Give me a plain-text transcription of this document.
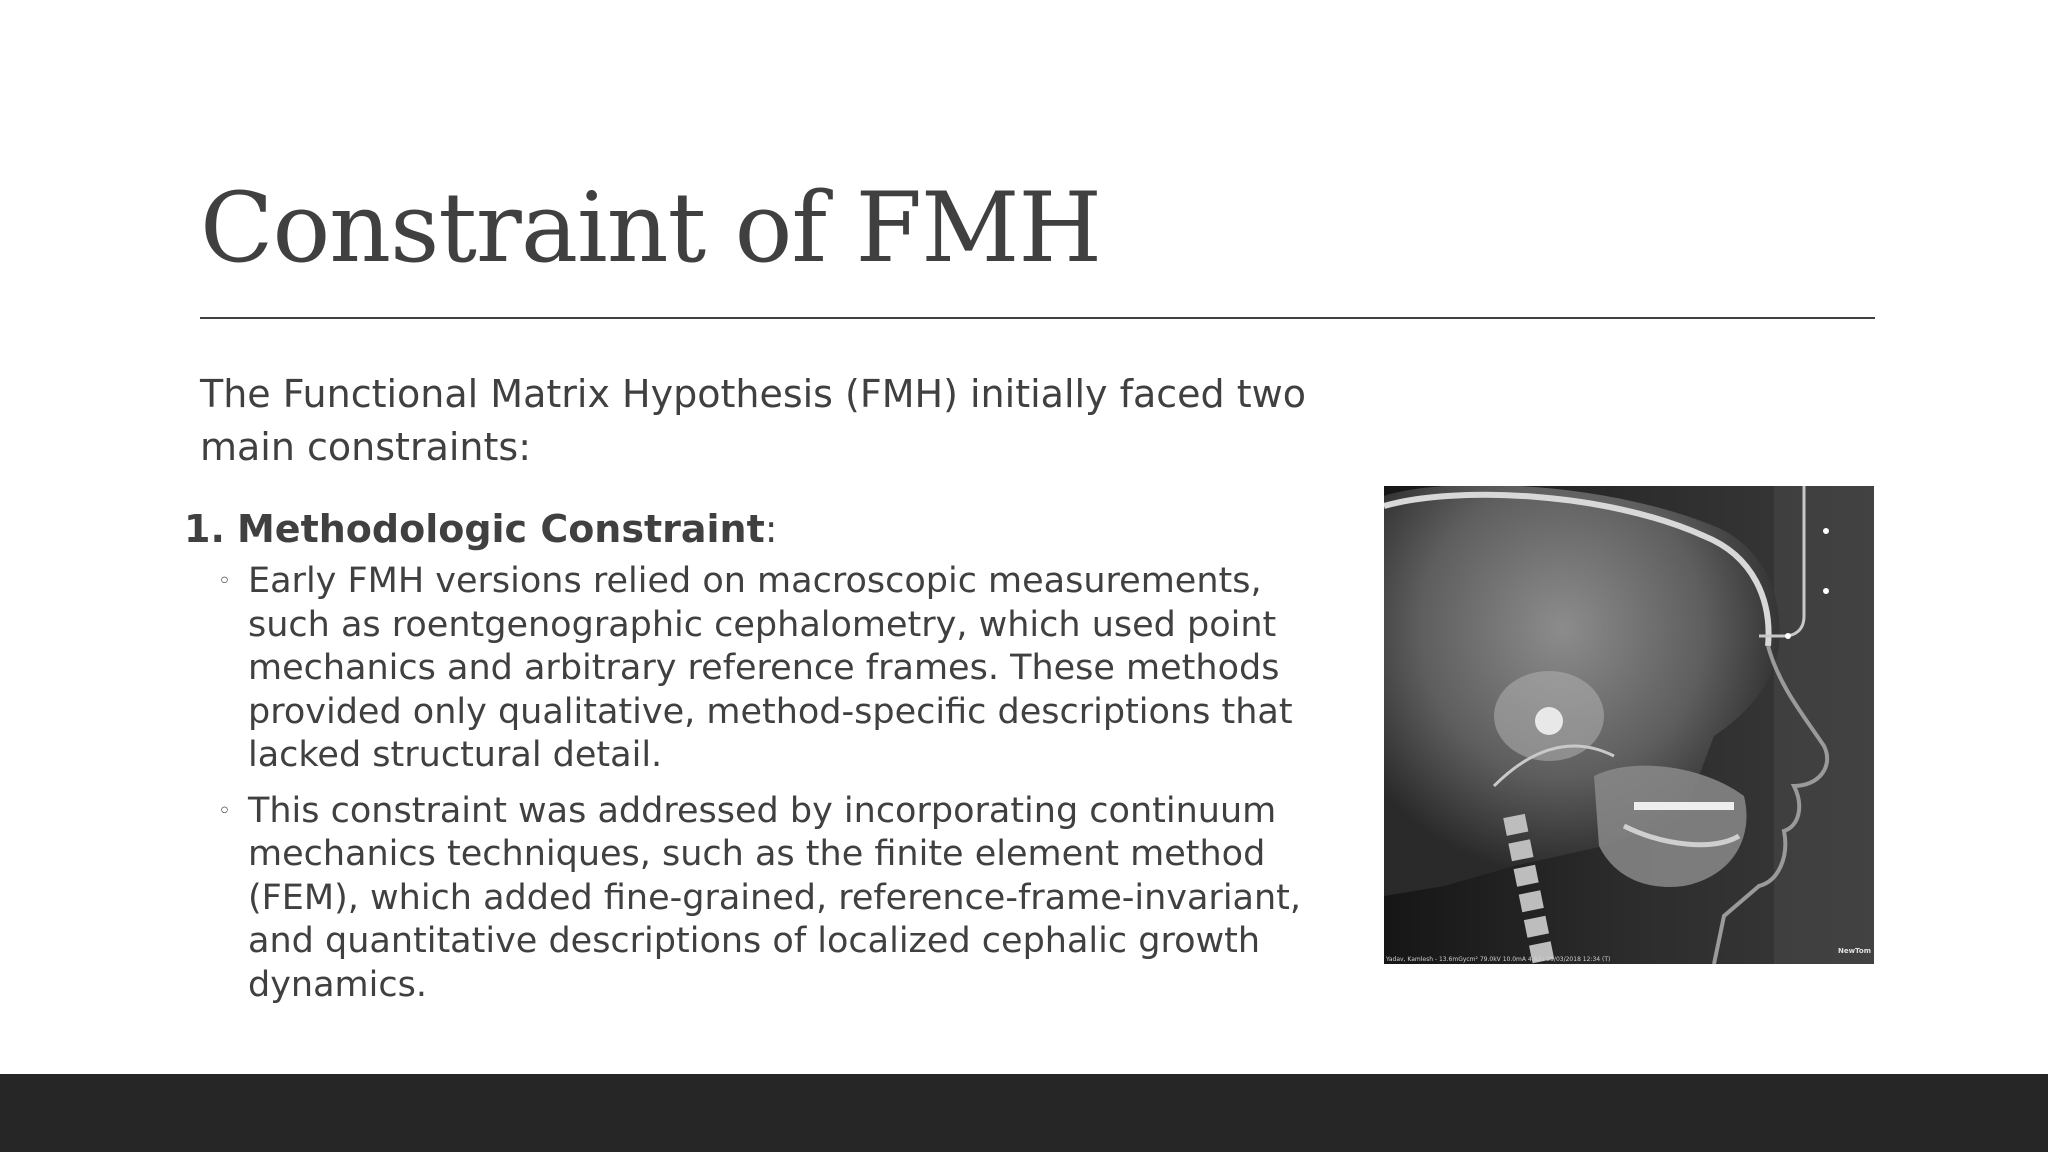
Constraint of FMH
The Functional Matrix Hypothesis (FMH) initially faced two main constraints:
1. Methodologic Constraint:
◦ Early FMH versions relied on macroscopic measurements, such as roentgenographic cephalometry, which used point mechanics and arbitrary reference frames. These methods provided only qualitative, method-specific descriptions that lacked structural detail.
◦ This constraint was addressed by incorporating continuum mechanics techniques, such as the finite element method (FEM), which added fine-grained, reference-frame-invariant, and quantitative descriptions of localized cephalic growth dynamics.
NewTom
Yadav, Kamlesh - 13.6mGycm² 79.0kV 10.0mA 4.62s 09/03/2018 12:34 (T)
